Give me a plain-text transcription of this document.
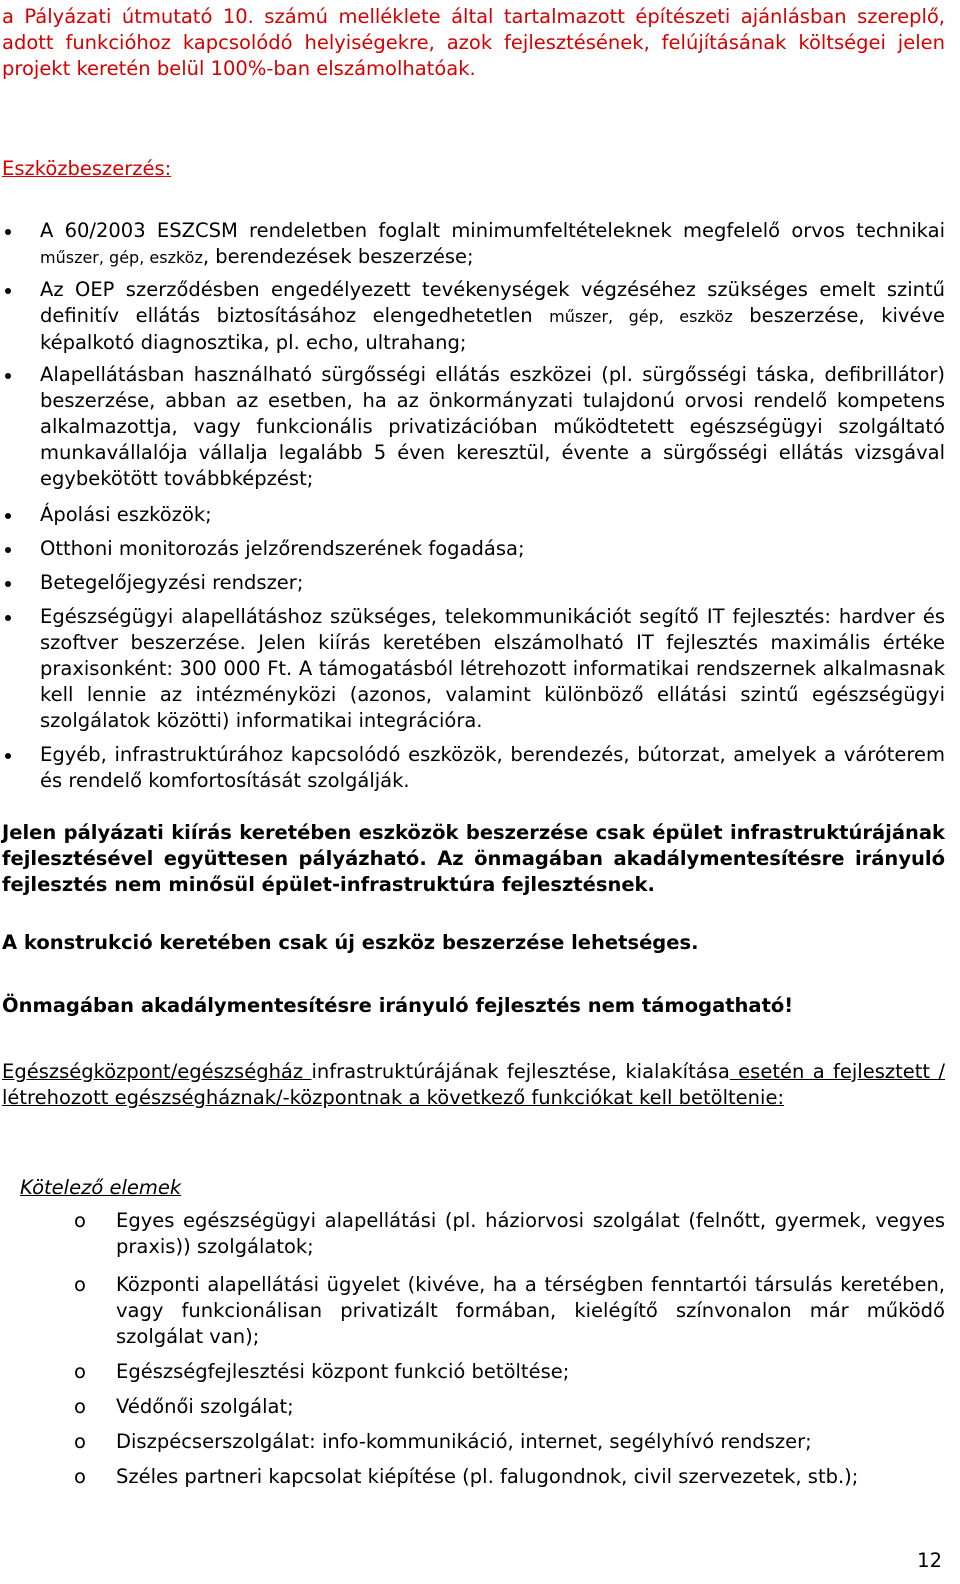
a Pályázati útmutató 10. számú melléklete által tartalmazott építészeti ajánlásban szereplő, adott funkcióhoz kapcsolódó helyiségekre, azok fejlesztésének, felújításának költségei jelen projekt keretén belül 100%-ban elszámolhatóak.

Eszközbeszerzés:

A 60/2003 ESZCSM rendeletben foglalt minimumfeltételeknek megfelelő orvos technikai műszer, gép, eszköz, berendezések beszerzése;
Az OEP szerződésben engedélyezett tevékenységek végzéséhez szükséges emelt szintű definitív ellátás biztosításához elengedhetetlen műszer, gép, eszköz beszerzése, kivéve képalkotó diagnosztika, pl. echo, ultrahang;
Alapellátásban használható sürgősségi ellátás eszközei (pl. sürgősségi táska, defibrillátor) beszerzése, abban az esetben, ha az önkormányzati tulajdonú orvosi rendelő kompetens alkalmazottja, vagy funkcionális privatizációban működtetett egészségügyi szolgáltató munkavállalója vállalja legalább 5 éven keresztül, évente a sürgősségi ellátás vizsgával egybekötött továbbképzést;
Ápolási eszközök;
Otthoni monitorozás jelzőrendszerének fogadása;
Betegelőjegyzési rendszer;
Egészségügyi alapellátáshoz szükséges, telekommunikációt segítő IT fejlesztés: hardver és szoftver beszerzése. Jelen kiírás keretében elszámolható IT fejlesztés maximális értéke praxisonként: 300 000 Ft. A támogatásból létrehozott informatikai rendszernek alkalmasnak kell lennie az intézményközi (azonos, valamint különböző ellátási szintű egészségügyi szolgálatok közötti) informatikai integrációra.
Egyéb, infrastruktúrához kapcsolódó eszközök, berendezés, bútorzat, amelyek a váróterem és rendelő komfortosítását szolgálják.

Jelen pályázati kiírás keretében eszközök beszerzése csak épület infrastruktúrájának fejlesztésével együttesen pályázható. Az önmagában akadálymentesítésre irányuló fejlesztés nem minősül épület-infrastruktúra fejlesztésnek.

A konstrukció keretében csak új eszköz beszerzése lehetséges.

Önmagában akadálymentesítésre irányuló fejlesztés nem támogatható!

Egészségközpont/egészségház infrastruktúrájának fejlesztése, kialakítása esetén a fejlesztett / létrehozott egészségháznak/-központnak a következő funkciókat kell betöltenie:

Kötelező elemek

o Egyes egészségügyi alapellátási (pl. háziorvosi szolgálat (felnőtt, gyermek, vegyes praxis)) szolgálatok;
o Központi alapellátási ügyelet (kivéve, ha a térségben fenntartói társulás keretében, vagy funkcionálisan privatizált formában, kielégítő színvonalon már működő szolgálat van);
o Egészségfejlesztési központ funkció betöltése;
o Védőnői szolgálat;
o Diszpécserszolgálat: info-kommunikáció, internet, segélyhívó rendszer;
o Széles partneri kapcsolat kiépítése (pl. falugondnok, civil szervezetek, stb.);
12
